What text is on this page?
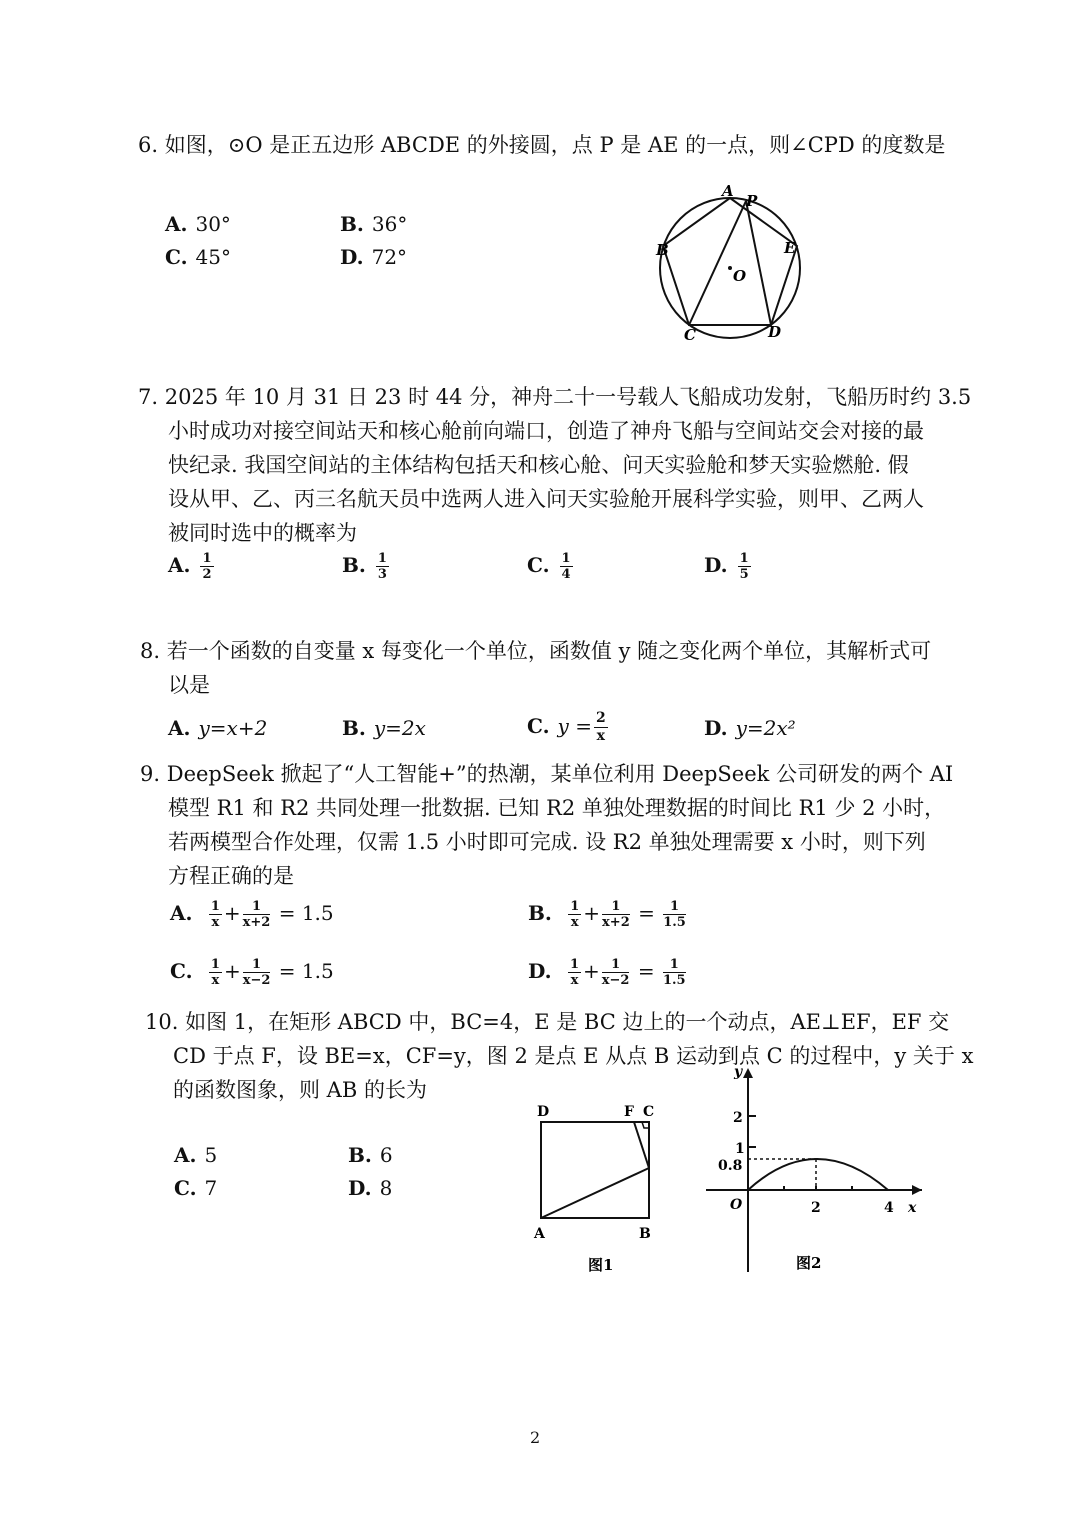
6. 如图，⊙O 是正五边形 ABCDE 的外接圆，点 P 是 AE 的一点，则∠CPD 的度数是
A. 30°	B. 36°
C. 45°	D. 72°
A
P
B	E
O
C	D
7. 2025 年 10 月 31 日 23 时 44 分，神舟二十一号载人飞船成功发射，飞船历时约 3.5
小时成功对接空间站天和核心舱前向端口，创造了神舟飞船与空间站交会对接的最
快纪录. 我国空间站的主体结构包括天和核心舱、问天实验舱和梦天实验燃舱. 假
设从甲、乙、丙三名航天员中选两人进入问天实验舱开展科学实验，则甲、乙两人
被同时选中的概率为
A. $\frac{1}{2}$	B. $\frac{1}{3}$	C. $\frac{1}{4}$	D. $\frac{1}{5}$
8. 若一个函数的自变量 x 每变化一个单位，函数值 y 随之变化两个单位，其解析式可
以是
A. y=x+2	B. y=2x	C. $y = \frac{2}{x}$	D. y=2x²
9. DeepSeek 掀起了“人工智能+”的热潮，某单位利用 DeepSeek 公司研发的两个 AI
模型 R1 和 R2 共同处理一批数据. 已知 R2 单独处理数据的时间比 R1 少 2 小时，
若两模型合作处理，仅需 1.5 小时即可完成. 设 R2 单独处理需要 x 小时，则下列
方程正确的是
A. $\frac{1}{x} + \frac{1}{x+2} = 1.5$	B. $\frac{1}{x} + \frac{1}{x+2} = \frac{1}{1.5}$
C. $\frac{1}{x} + \frac{1}{x-2} = 1.5$	D. $\frac{1}{x} + \frac{1}{x-2} = \frac{1}{1.5}$
10. 如图 1，在矩形 ABCD 中，BC=4，E 是 BC 边上的一个动点，AE⊥EF，EF 交
CD 于点 F，设 BE=x，CF=y，图 2 是点 E 从点 B 运动到点 C 的过程中，y 关于 x
的函数图象，则 AB 的长为
A. 5	B. 6
C. 7	D. 8
D	F C
A	B
图1
y
x
2
1
0.8
O	2	4
图2
2
